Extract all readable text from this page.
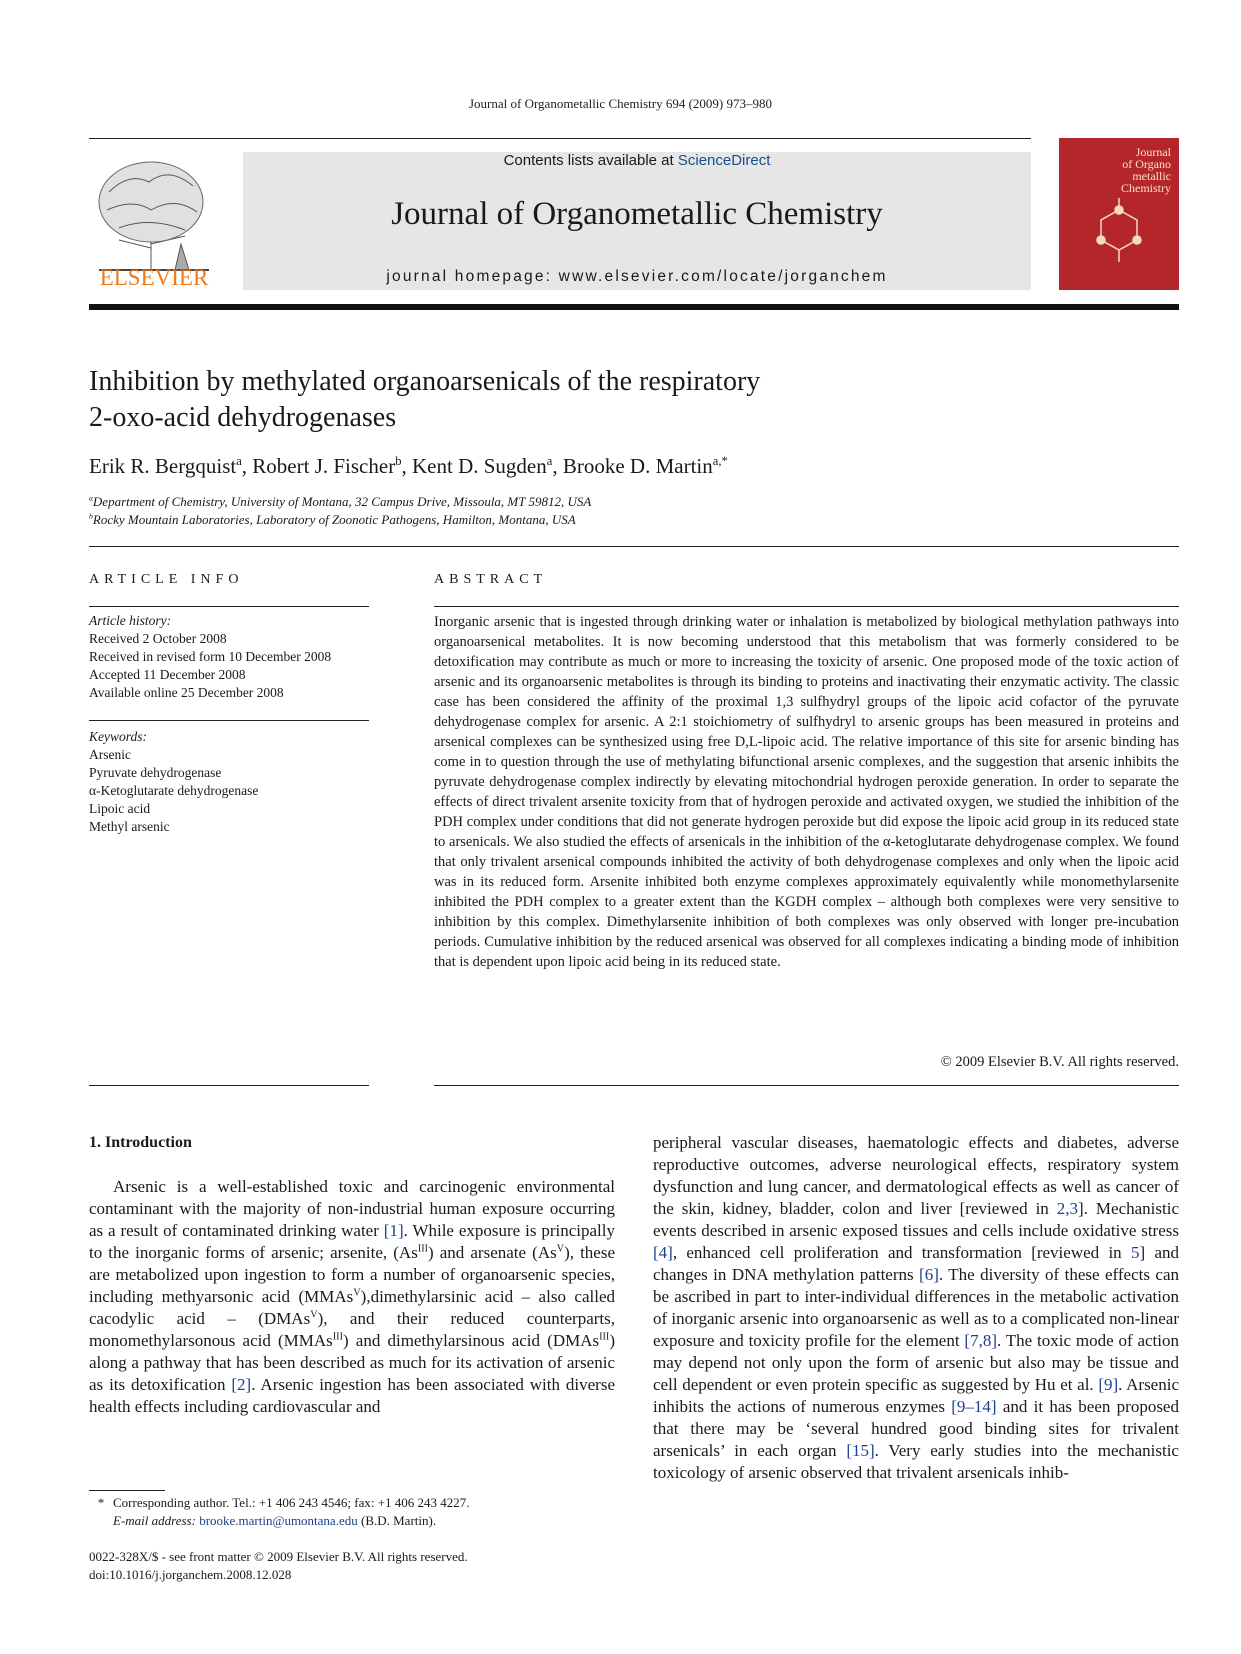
Journal of Organometallic Chemistry 694 (2009) 973–980
ELSEVIER
Contents lists available at ScienceDirect
Journal of Organometallic Chemistry
journal homepage: www.elsevier.com/locate/jorganchem
Journal
of Organo
metallic
Chemistry
Inhibition by methylated organoarsenicals of the respiratory
2-oxo-acid dehydrogenases
Erik R. Bergquist$^a$, Robert J. Fischer$^b$, Kent D. Sugden$^a$, Brooke D. Martin$^{a,*}$
$^a$Department of Chemistry, University of Montana, 32 Campus Drive, Missoula, MT 59812, USA
$^b$Rocky Mountain Laboratories, Laboratory of Zoonotic Pathogens, Hamilton, Montana, USA
ARTICLE INFO
Article history:
Received 2 October 2008
Received in revised form 10 December 2008
Accepted 11 December 2008
Available online 25 December 2008
Keywords:
Arsenic
Pyruvate dehydrogenase
α-Ketoglutarate dehydrogenase
Lipoic acid
Methyl arsenic
ABSTRACT
Inorganic arsenic that is ingested through drinking water or inhalation is metabolized by biological methylation pathways into organoarsenical metabolites. It is now becoming understood that this metabolism that was formerly considered to be detoxification may contribute as much or more to increasing the toxicity of arsenic. One proposed mode of the toxic action of arsenic and its organoarsenic metabolites is through its binding to proteins and inactivating their enzymatic activity. The classic case has been considered the affinity of the proximal 1,3 sulfhydryl groups of the lipoic acid cofactor of the pyruvate dehydrogenase complex for arsenic. A 2:1 stoichiometry of sulfhydryl to arsenic groups has been measured in proteins and arsenical complexes can be synthesized using free D,L-lipoic acid. The relative importance of this site for arsenic binding has come in to question through the use of methylating bifunctional arsenic complexes, and the suggestion that arsenic inhibits the pyruvate dehydrogenase complex indirectly by elevating mitochondrial hydrogen peroxide generation. In order to separate the effects of direct trivalent arsenite toxicity from that of hydrogen peroxide and activated oxygen, we studied the inhibition of the PDH complex under conditions that did not generate hydrogen peroxide but did expose the lipoic acid group in its reduced state to arsenicals. We also studied the effects of arsenicals in the inhibition of the α-ketoglutarate dehydrogenase complex. We found that only trivalent arsenical compounds inhibited the activity of both dehydrogenase complexes and only when the lipoic acid was in its reduced form. Arsenite inhibited both enzyme complexes approximately equivalently while monomethylarsenite inhibited the PDH complex to a greater extent than the KGDH complex – although both complexes were very sensitive to inhibition by this complex. Dimethylarsenite inhibition of both complexes was only observed with longer pre-incubation periods. Cumulative inhibition by the reduced arsenical was observed for all complexes indicating a binding mode of inhibition that is dependent upon lipoic acid being in its reduced state.
© 2009 Elsevier B.V. All rights reserved.
1. Introduction
Arsenic is a well-established toxic and carcinogenic environmental contaminant with the majority of non-industrial human exposure occurring as a result of contaminated drinking water [1]. While exposure is principally to the inorganic forms of arsenic; arsenite, $(As^{III})$ and arsenate $(As^V)$, these are metabolized upon ingestion to form a number of organoarsenic species, including methyarsonic acid (MMAs$^V$),dimethylarsinic acid – also called cacodylic acid – (DMAs$^V$), and their reduced counterparts, monomethylarsonous acid (MMAs$^{III}$) and dimethylarsinous acid (DMAs$^{III}$) along a pathway that has been described as much for its activation of arsenic as its detoxification [2]. Arsenic ingestion has been associated with diverse health effects including cardiovascular and
peripheral vascular diseases, haematologic effects and diabetes, adverse reproductive outcomes, adverse neurological effects, respiratory system dysfunction and lung cancer, and dermatological effects as well as cancer of the skin, kidney, bladder, colon and liver [reviewed in 2,3]. Mechanistic events described in arsenic exposed tissues and cells include oxidative stress [4], enhanced cell proliferation and transformation [reviewed in 5] and changes in DNA methylation patterns [6]. The diversity of these effects can be ascribed in part to inter-individual differences in the metabolic activation of inorganic arsenic into organoarsenic as well as to a complicated non-linear exposure and toxicity profile for the element [7,8]. The toxic mode of action may depend not only upon the form of arsenic but also may be tissue and cell dependent or even protein specific as suggested by Hu et al. [9]. Arsenic inhibits the actions of numerous enzymes [9–14] and it has been proposed that there may be ‘several hundred good binding sites for trivalent arsenicals’ in each organ [15]. Very early studies into the mechanistic toxicology of arsenic observed that trivalent arsenicals inhib-
* Corresponding author. Tel.: +1 406 243 4546; fax: +1 406 243 4227.
E-mail address: brooke.martin@umontana.edu (B.D. Martin).
0022-328X/$ - see front matter © 2009 Elsevier B.V. All rights reserved.
doi:10.1016/j.jorganchem.2008.12.028
